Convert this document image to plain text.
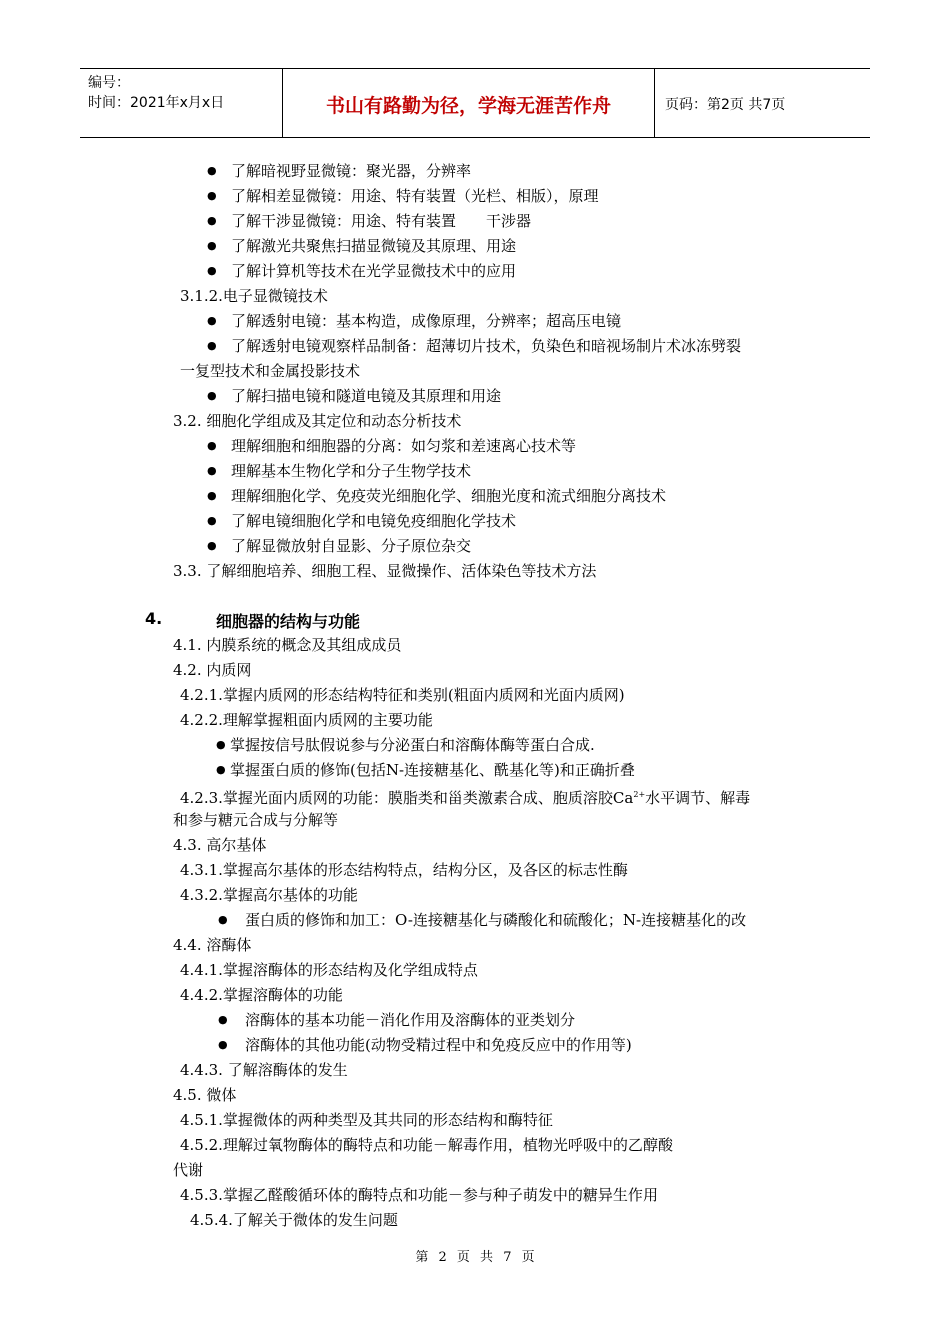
编号：
时间：2021年x月x日	书山有路勤为径，学海无涯苦作舟	页码：第2页 共7页
● 了解暗视野显微镜：聚光器，分辨率
● 了解相差显微镜：用途、特有装置（光栏、相版），原理
● 了解干涉显微镜：用途、特有装置　　干涉器
● 了解激光共聚焦扫描显微镜及其原理、用途
● 了解计算机等技术在光学显微技术中的应用
3.1.2.电子显微镜技术
● 了解透射电镜：基本构造，成像原理，分辨率；超高压电镜
● 了解透射电镜观察样品制备：超薄切片技术，负染色和暗视场制片术冰冻劈裂
一复型技术和金属投影技术
● 了解扫描电镜和隧道电镜及其原理和用途
3.2. 细胞化学组成及其定位和动态分析技术
● 理解细胞和细胞器的分离：如匀浆和差速离心技术等
● 理解基本生物化学和分子生物学技术
● 理解细胞化学、免疫荧光细胞化学、细胞光度和流式细胞分离技术
● 了解电镜细胞化学和电镜免疫细胞化学技术
● 了解显微放射自显影、分子原位杂交
3.3. 了解细胞培养、细胞工程、显微操作、活体染色等技术方法
4.	细胞器的结构与功能
4.1. 内膜系统的概念及其组成成员
4.2. 内质网
4.2.1.掌握内质网的形态结构特征和类别(粗面内质网和光面内质网)
4.2.2.理解掌握粗面内质网的主要功能
● 掌握按信号肽假说参与分泌蛋白和溶酶体酶等蛋白合成.
● 掌握蛋白质的修饰(包括N-连接糖基化、酰基化等)和正确折叠
4.2.3.掌握光面内质网的功能：膜脂类和甾类激素合成、胞质溶胶$Ca^{2+}$水平调节、解毒
和参与糖元合成与分解等
4.3. 高尔基体
4.3.1.掌握高尔基体的形态结构特点，结构分区，及各区的标志性酶
4.3.2.掌握高尔基体的功能
● 蛋白质的修饰和加工：O-连接糖基化与磷酸化和硫酸化；N-连接糖基化的改
4.4. 溶酶体
4.4.1.掌握溶酶体的形态结构及化学组成特点
4.4.2.掌握溶酶体的功能
● 溶酶体的基本功能－消化作用及溶酶体的亚类划分
● 溶酶体的其他功能(动物受精过程中和免疫反应中的作用等)
4.4.3. 了解溶酶体的发生
4.5. 微体
4.5.1.掌握微体的两种类型及其共同的形态结构和酶特征
4.5.2.理解过氧物酶体的酶特点和功能－解毒作用，植物光呼吸中的乙醇酸
代谢
4.5.3.掌握乙醛酸循环体的酶特点和功能－参与种子萌发中的糖异生作用
4.5.4.了解关于微体的发生问题
第 2 页 共 7 页
